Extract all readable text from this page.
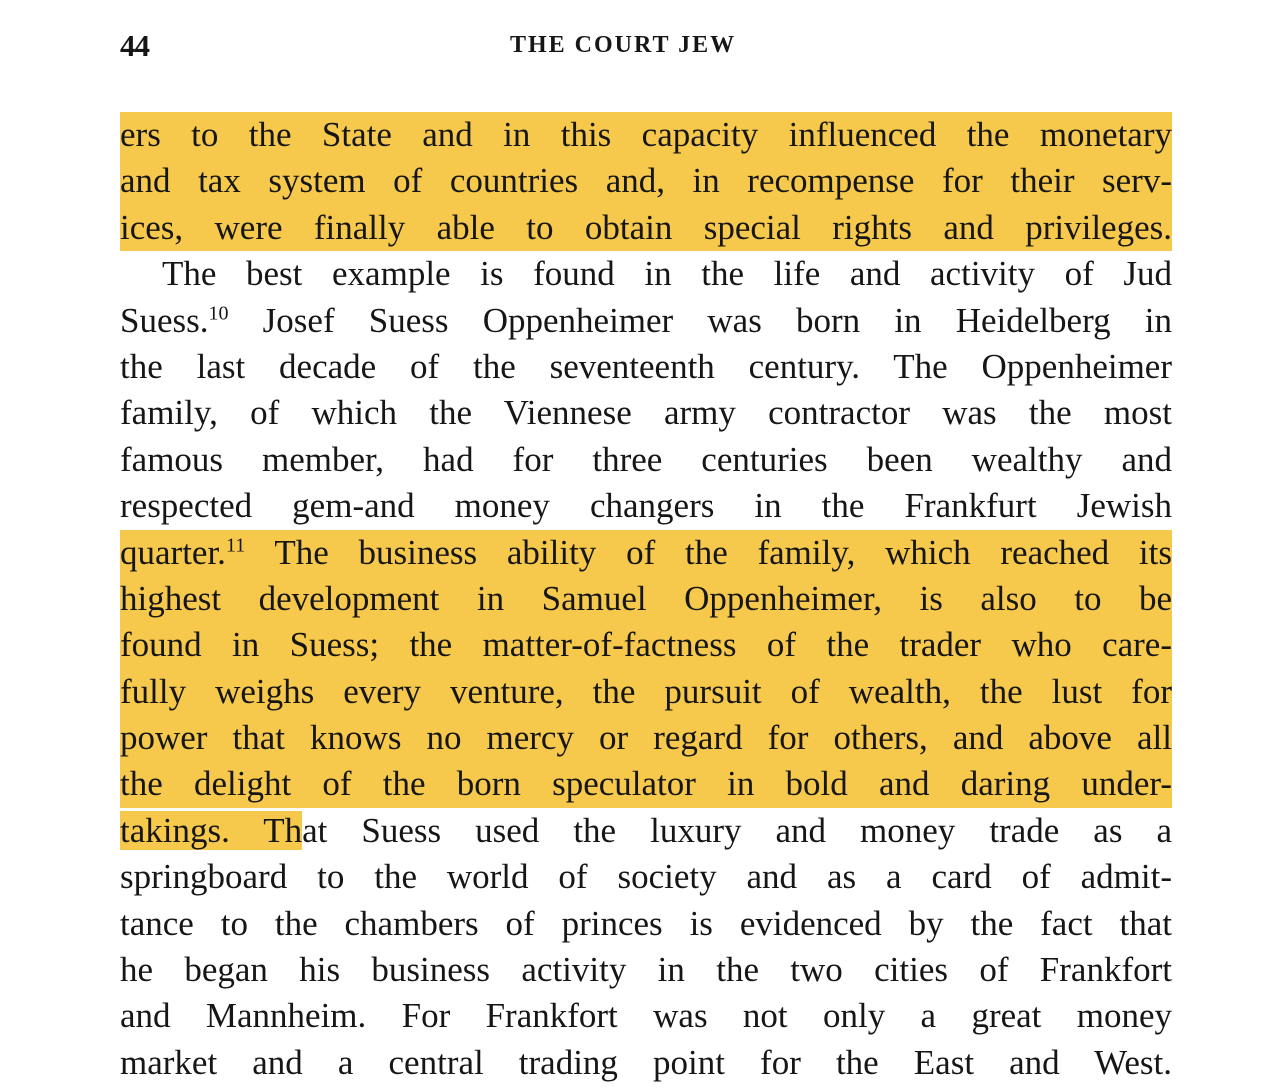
44	THE COURT JEW
ers to the State and in this capacity influenced the monetary
and tax system of countries and, in recompense for their serv-
ices, were finally able to obtain special rights and privileges.
The best example is found in the life and activity of Jud
Suess.$^{10}$ Josef Suess Oppenheimer was born in Heidelberg in
the last decade of the seventeenth century. The Oppenheimer
family, of which the Viennese army contractor was the most
famous member, had for three centuries been wealthy and
respected gem-and money changers in the Frankfurt Jewish
quarter.$^{11}$ The business ability of the family, which reached its
highest development in Samuel Oppenheimer, is also to be
found in Suess; the matter-of-factness of the trader who care-
fully weighs every venture, the pursuit of wealth, the lust for
power that knows no mercy or regard for others, and above all
the delight of the born speculator in bold and daring under-
takings. That Suess used the luxury and money trade as a
springboard to the world of society and as a card of admit-
tance to the chambers of princes is evidenced by the fact that
he began his business activity in the two cities of Frankfort
and Mannheim. For Frankfort was not only a great money
market and a central trading point for the East and West.
